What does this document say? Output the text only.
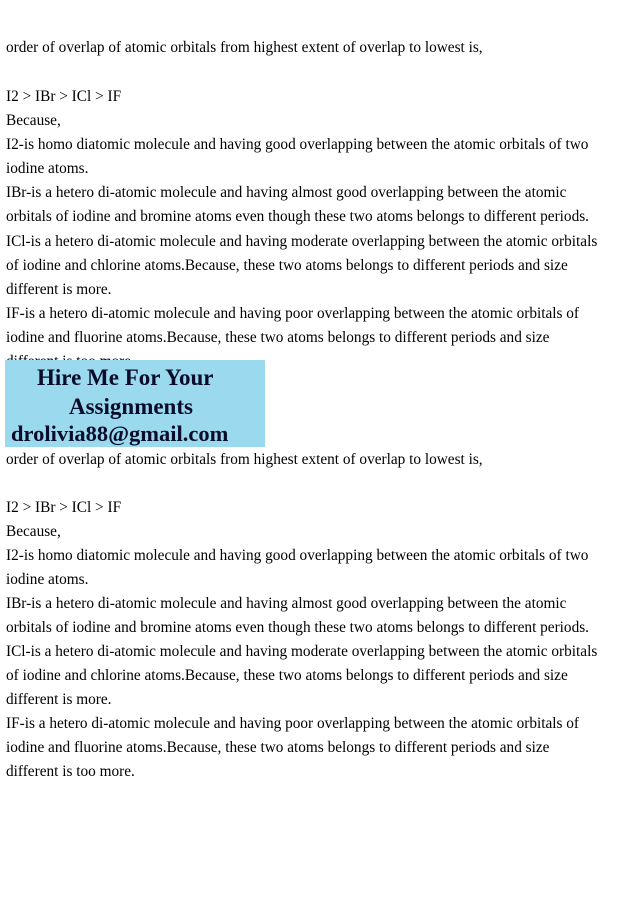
order of overlap of atomic orbitals from highest extent of overlap to lowest is,
I2 > IBr > ICl > IF
Because,
I2-is homo diatomic molecule and having good overlapping between the atomic orbitals of two
iodine atoms.
IBr-is a hetero di-atomic molecule and having almost good overlapping between the atomic
orbitals of iodine and bromine atoms even though these two atoms belongs to different periods.
ICl-is a hetero di-atomic molecule and having moderate overlapping between the atomic orbitals
of iodine and chlorine atoms.Because, these two atoms belongs to different periods and size
different is more.
IF-is a hetero di-atomic molecule and having poor overlapping between the atomic orbitals of
iodine and fluorine atoms.Because, these two atoms belongs to different periods and size
Hire Me For Your
Assignments
drolivia88@gmail.com
order of overlap of atomic orbitals from highest extent of overlap to lowest is,
I2 > IBr > ICl > IF
Because,
I2-is homo diatomic molecule and having good overlapping between the atomic orbitals of two
iodine atoms.
IBr-is a hetero di-atomic molecule and having almost good overlapping between the atomic
orbitals of iodine and bromine atoms even though these two atoms belongs to different periods.
ICl-is a hetero di-atomic molecule and having moderate overlapping between the atomic orbitals
of iodine and chlorine atoms.Because, these two atoms belongs to different periods and size
different is more.
IF-is a hetero di-atomic molecule and having poor overlapping between the atomic orbitals of
iodine and fluorine atoms.Because, these two atoms belongs to different periods and size
different is too more.
